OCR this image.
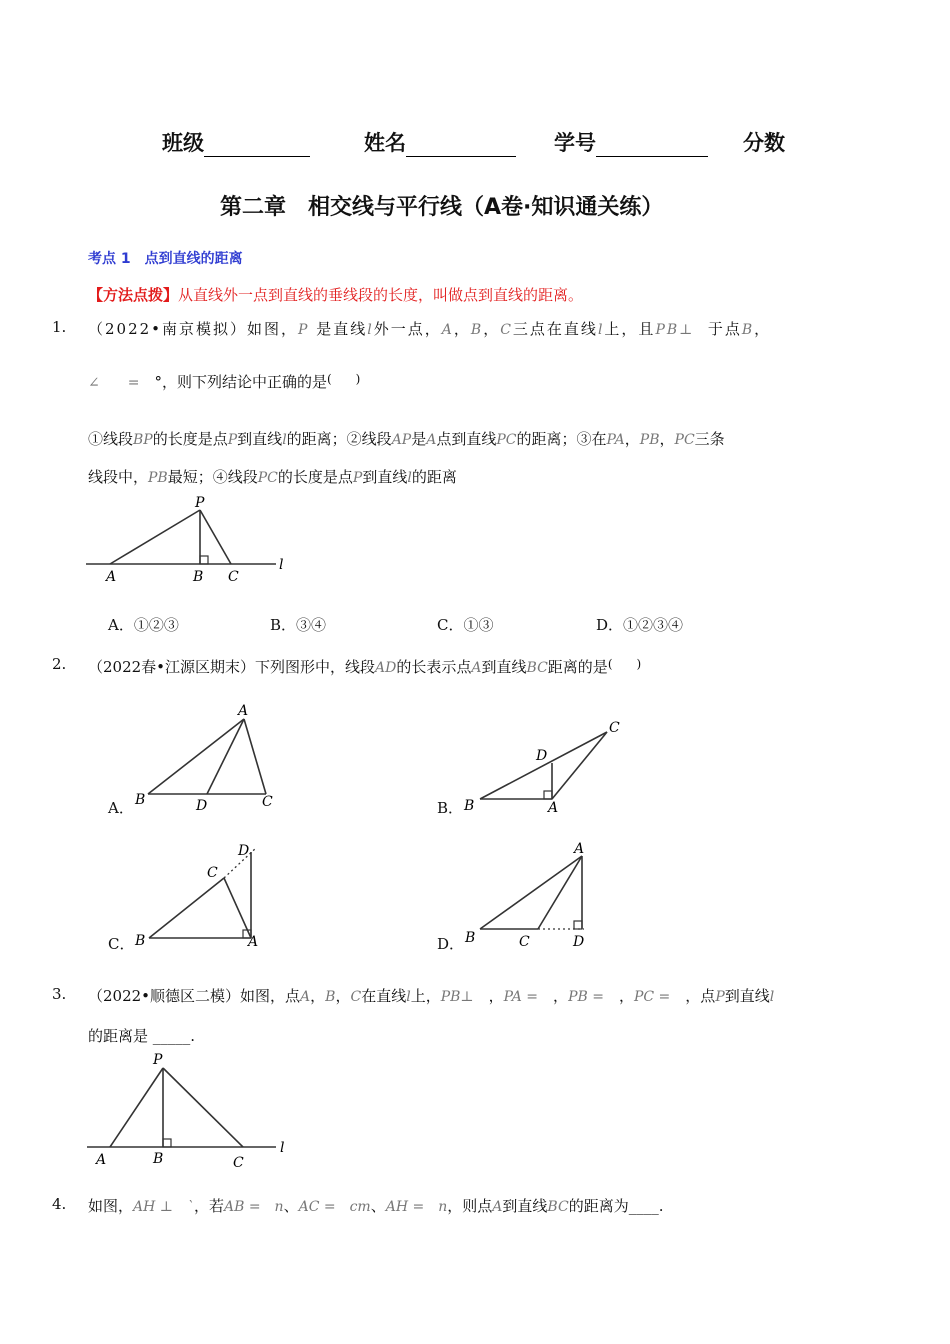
班级	姓名	学号	分数
第二章　相交线与平行线（A卷·知识通关练）
考点 1　点到直线的距离
【方法点拨】从直线外一点到直线的垂线段的长度，叫做点到直线的距离。
1. （2022•南京模拟）如图，P 是直线l外一点，A，B，C三点在直线l上，且PB⊥ 于点B，
∠　　=　 °，则下列结论中正确的是(　　)
①线段BP的长度是点P到直线l的距离；②线段AP是A点到直线PC的距离；③在PA，PB，PC三条
线段中，PB最短；④线段PC的长度是点P到直线l的距离
P
A	B C
l
A．①②③	B．③④	C．①③	D．①②③④
2. （2022春•江源区期末）下列图形中，线段AD的长表示点A到直线BC距离的是(　　)
A．
A
B	D	C	B．
C
D
B	A
C．
D
C
B	A	D．
A
B	C	D
3. （2022•顺德区二模）如图，点A，B，C在直线l上，PB⊥　，PA =　，PB =　，PC =　 ，点P到直线l
的距离是 _____.
P
A	B	C
l
4. 如图，AH ⊥　`，若AB =　n、AC =　cm、AH =　n，则点A到直线BC的距离为____.
